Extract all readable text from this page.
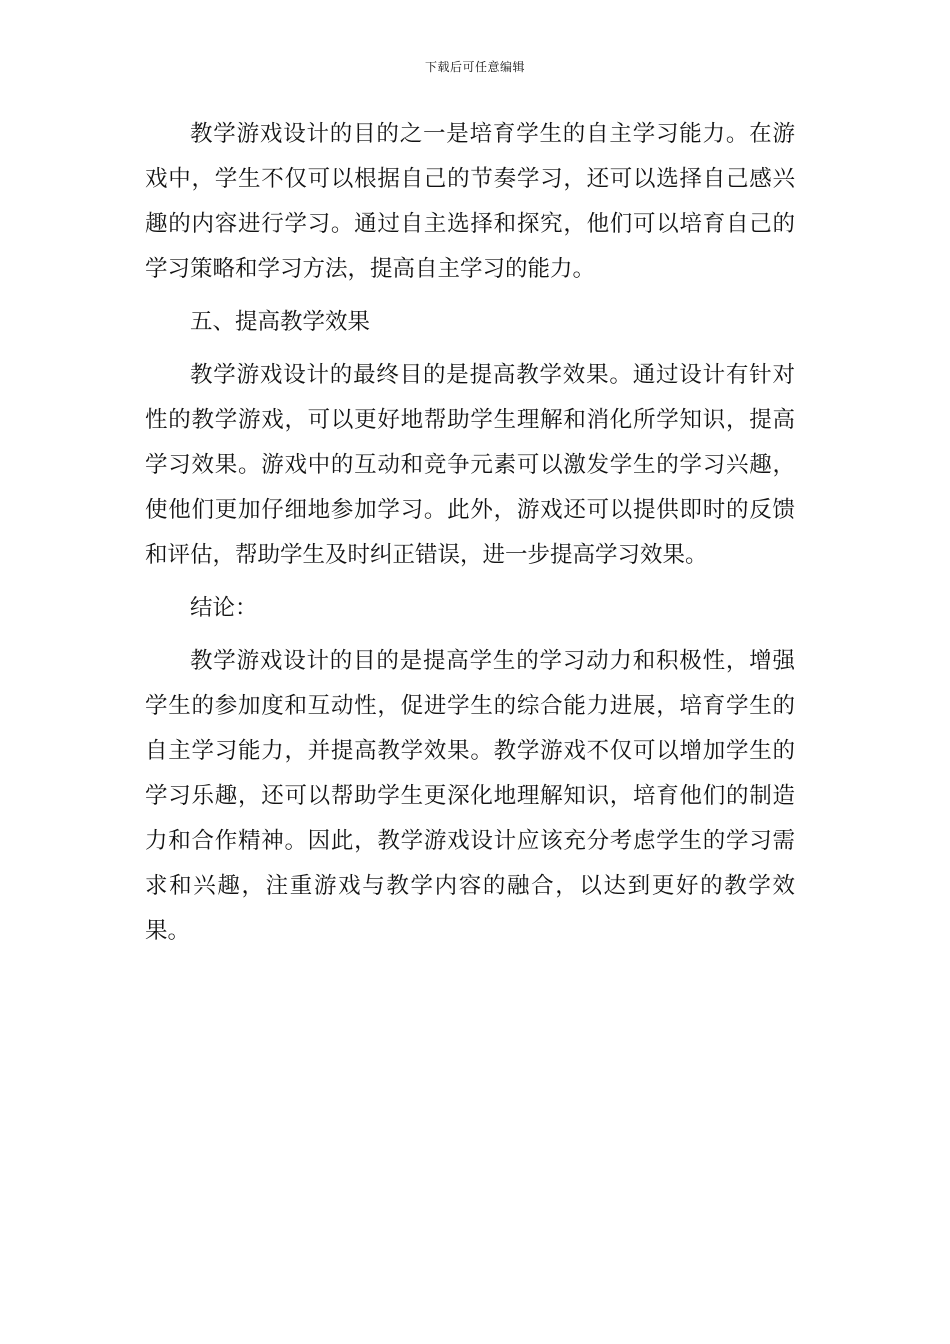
下载后可任意编辑

教学游戏设计的目的之一是培育学生的自主学习能力。在游戏中，学生不仅可以根据自己的节奏学习，还可以选择自己感兴趣的内容进行学习。通过自主选择和探究，他们可以培育自己的学习策略和学习方法，提高自主学习的能力。

五、提高教学效果

教学游戏设计的最终目的是提高教学效果。通过设计有针对性的教学游戏，可以更好地帮助学生理解和消化所学知识，提高学习效果。游戏中的互动和竞争元素可以激发学生的学习兴趣，使他们更加仔细地参加学习。此外，游戏还可以提供即时的反馈和评估，帮助学生及时纠正错误，进一步提高学习效果。

结论：

教学游戏设计的目的是提高学生的学习动力和积极性，增强学生的参加度和互动性，促进学生的综合能力进展，培育学生的自主学习能力，并提高教学效果。教学游戏不仅可以增加学生的学习乐趣，还可以帮助学生更深化地理解知识，培育他们的制造力和合作精神。因此，教学游戏设计应该充分考虑学生的学习需求和兴趣，注重游戏与教学内容的融合，以达到更好的教学效果。
